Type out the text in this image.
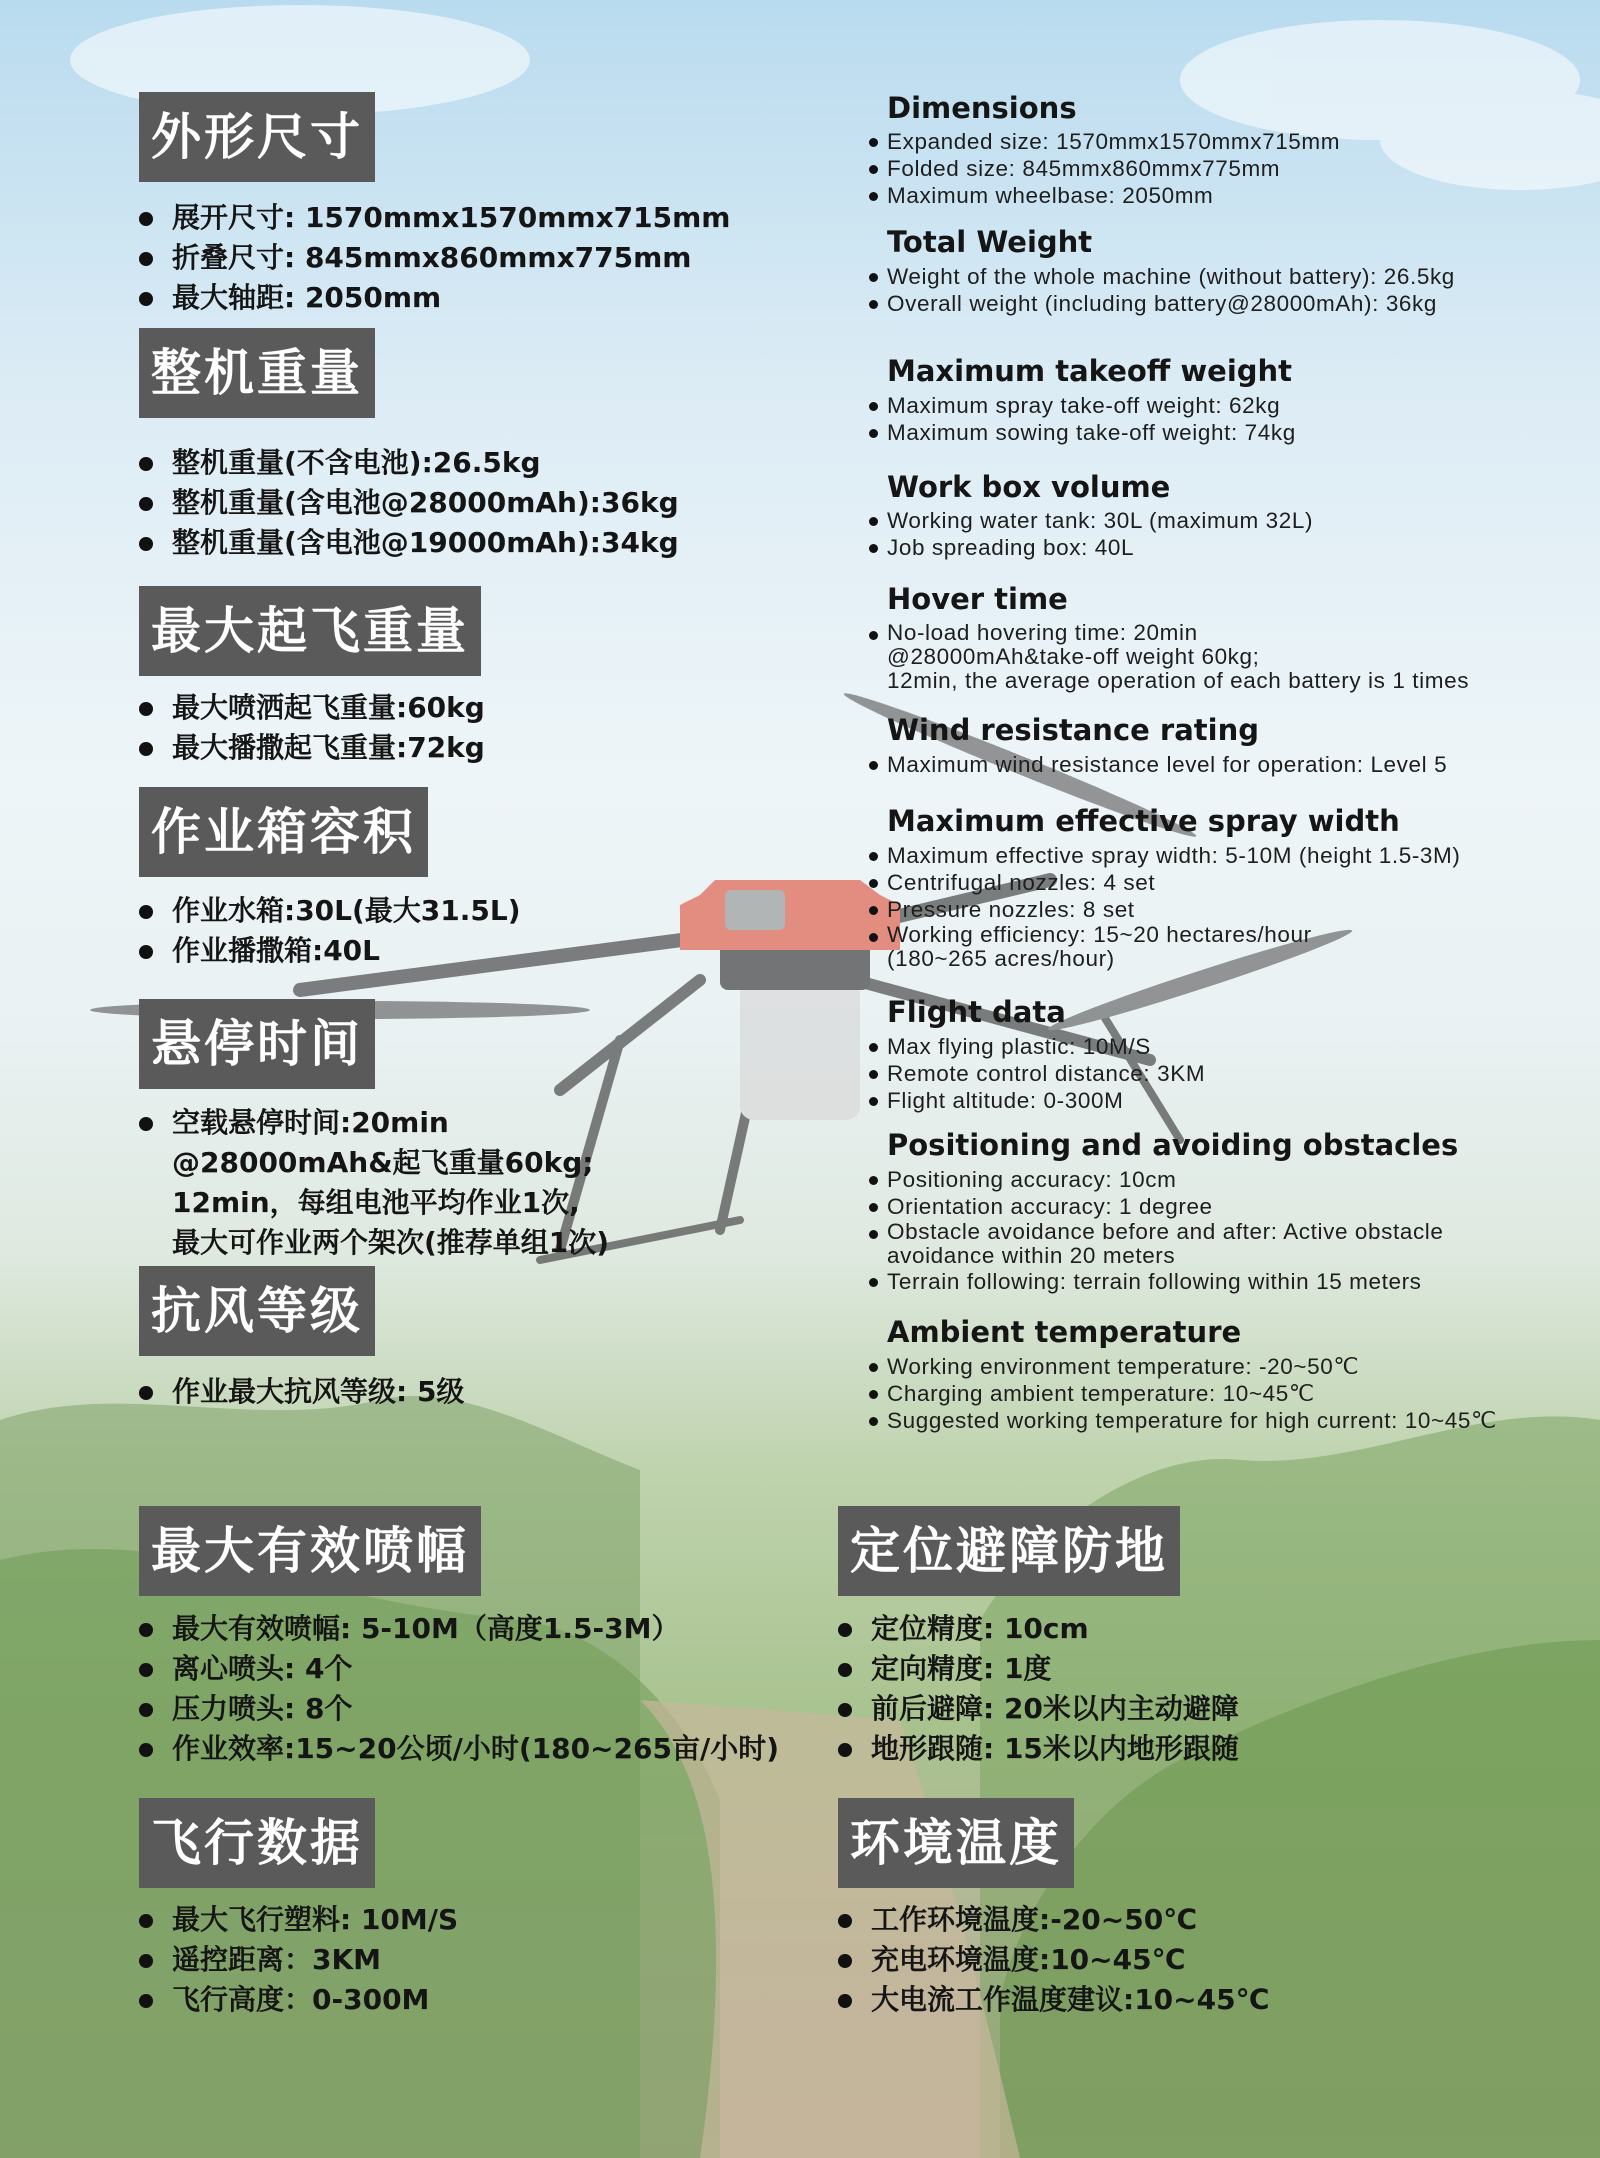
外形尺寸
展开尺寸: 1570mmx1570mmx715mm
折叠尺寸: 845mmx860mmx775mm
最大轴距: 2050mm
整机重量
整机重量(不含电池):26.5kg
整机重量(含电池@28000mAh):36kg
整机重量(含电池@19000mAh):34kg
最大起飞重量
最大喷洒起飞重量:60kg
最大播撒起飞重量:72kg
作业箱容积
作业水箱:30L(最大31.5L)
作业播撒箱:40L
悬停时间
空载悬停时间:20min
@28000mAh&起飞重量60kg;
12min，每组电池平均作业1次,
最大可作业两个架次(推荐单组1次)
抗风等级
作业最大抗风等级: 5级
最大有效喷幅
最大有效喷幅: 5-10M（高度1.5-3M）
离心喷头: 4个
压力喷头: 8个
作业效率:15~20公顷/小时(180~265亩/小时)
定位避障防地
定位精度: 10cm
定向精度: 1度
前后避障: 20米以内主动避障
地形跟随: 15米以内地形跟随
飞行数据
最大飞行塑料: 10M/S
遥控距离：3KM
飞行高度：0-300M
环境温度
工作环境温度:-20~50℃
充电环境温度:10~45℃
大电流工作温度建议:10~45℃
Dimensions
Expanded size: 1570mmx1570mmx715mm
Folded size: 845mmx860mmx775mm
Maximum wheelbase: 2050mm
Total Weight
Weight of the whole machine (without battery): 26.5kg
Overall weight (including battery@28000mAh): 36kg
Maximum takeoff weight
Maximum spray take-off weight: 62kg
Maximum sowing take-off weight: 74kg
Work box volume
Working water tank: 30L (maximum 32L)
Job spreading box: 40L
Hover time
No-load hovering time: 20min
@28000mAh&take-off weight 60kg;
12min, the average operation of each battery is 1 times
Wind resistance rating
Maximum wind resistance level for operation: Level 5
Maximum effective spray width
Maximum effective spray width: 5-10M (height 1.5-3M)
Centrifugal nozzles: 4 set
Pressure nozzles: 8 set
Working efficiency: 15~20 hectares/hour
(180~265 acres/hour)
Flight data
Max flying plastic: 10M/S
Remote control distance: 3KM
Flight altitude: 0-300M
Positioning and avoiding obstacles
Positioning accuracy: 10cm
Orientation accuracy: 1 degree
Obstacle avoidance before and after: Active obstacle
avoidance within 20 meters
Terrain following: terrain following within 15 meters
Ambient temperature
Working environment temperature: -20~50℃
Charging ambient temperature: 10~45℃
Suggested working temperature for high current: 10~45℃
